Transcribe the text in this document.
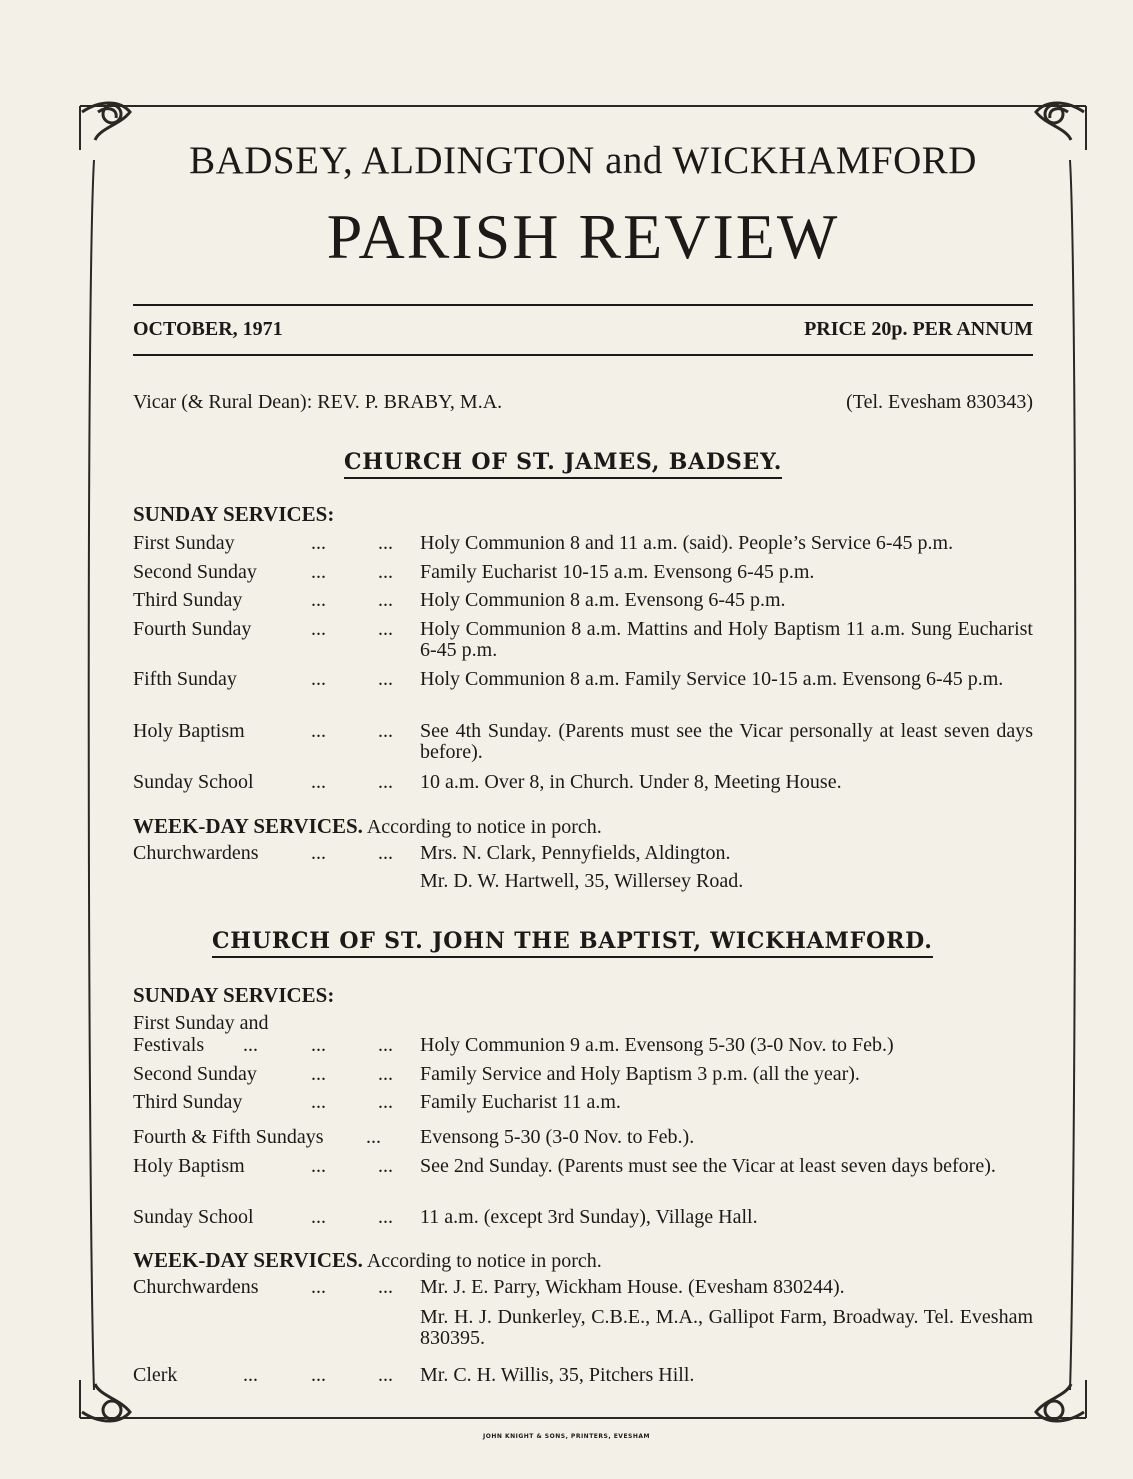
BADSEY, ALDINGTON and WICKHAMFORD
PARISH REVIEW
OCTOBER, 1971	PRICE 20p. PER ANNUM
Vicar (& Rural Dean): REV. P. BRABY, M.A.	(Tel. Evesham 830343)
CHURCH OF ST. JAMES, BADSEY.
SUNDAY SERVICES:
First Sunday	...	... Holy Communion 8 and 11 a.m. (said). People’s Service 6-45 p.m.
Second Sunday	...	... Family Eucharist 10-15 a.m. Evensong 6-45 p.m.
Third Sunday	...	... Holy Communion 8 a.m. Evensong 6-45 p.m.
Fourth Sunday	...	... Holy Communion 8 a.m. Mattins and Holy Baptism 11 a.m. Sung Eucharist 6-45 p.m.
Fifth Sunday	...	... Holy Communion 8 a.m. Family Service 10-15 a.m. Evensong 6-45 p.m.
Holy Baptism	...	... See 4th Sunday. (Parents must see the Vicar personally at least seven days before).
Sunday School	...	... 10 a.m. Over 8, in Church. Under 8, Meeting House.
WEEK-DAY SERVICES. According to notice in porch.
Churchwardens	...	... Mrs. N. Clark, Pennyfields, Aldington.
Mr. D. W. Hartwell, 35, Willersey Road.
CHURCH OF ST. JOHN THE BAPTIST, WICKHAMFORD.
SUNDAY SERVICES:
First Sunday and
Festivals ...	...	... Holy Communion 9 a.m. Evensong 5-30 (3-0 Nov. to Feb.)
Second Sunday	...	... Family Service and Holy Baptism 3 p.m. (all the year).
Third Sunday	...	... Family Eucharist 11 a.m.
Fourth & Fifth Sundays ... Evensong 5-30 (3-0 Nov. to Feb.).
Holy Baptism	...	... See 2nd Sunday. (Parents must see the Vicar at least seven days before).
Sunday School	...	... 11 a.m. (except 3rd Sunday), Village Hall.
WEEK-DAY SERVICES. According to notice in porch.
Churchwardens	...	... Mr. J. E. Parry, Wickham House. (Evesham 830244).
Mr. H. J. Dunkerley, C.B.E., M.A., Gallipot Farm, Broadway. Tel. Evesham 830395.
Clerk	...	...	... Mr. C. H. Willis, 35, Pitchers Hill.
JOHN KNIGHT & SONS, PRINTERS, EVESHAM
